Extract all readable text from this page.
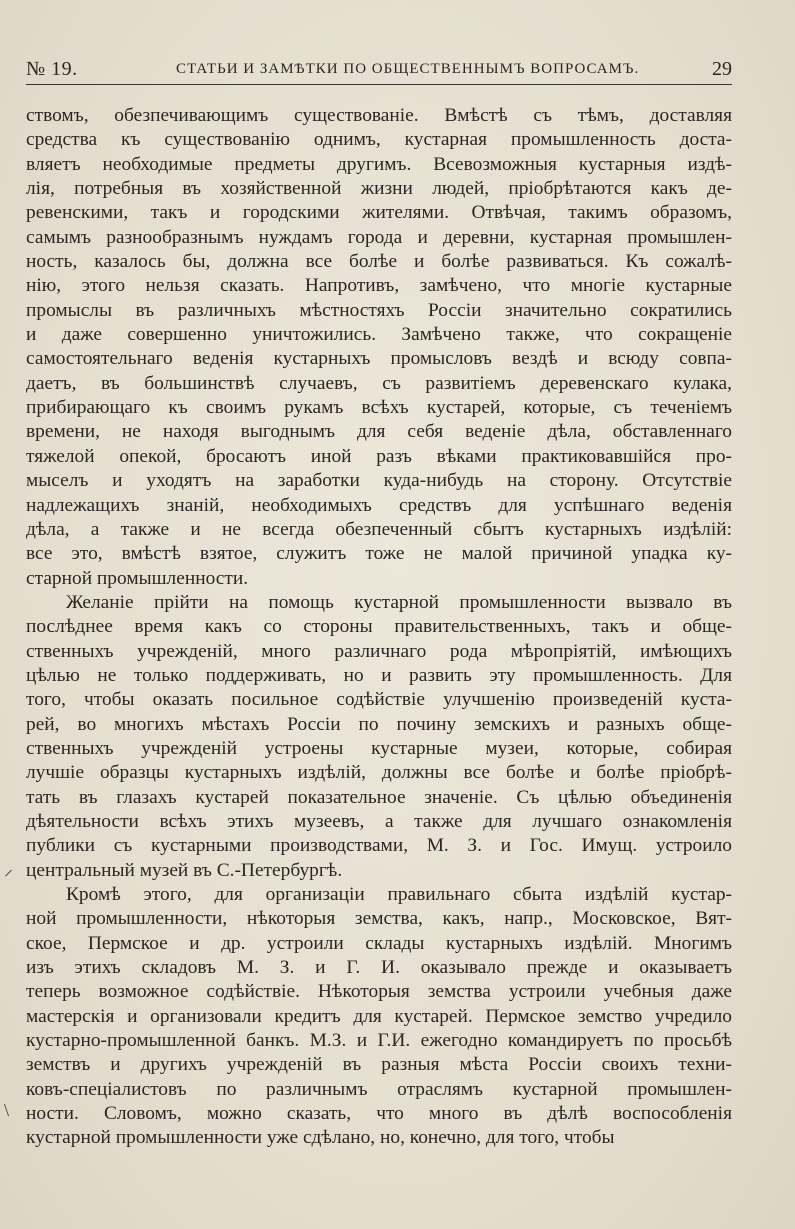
№ 19.	СТАТЬИ И ЗАМѢТКИ ПО ОБЩЕСТВЕННЫМЪ ВОПРОСАМЪ.	29
ствомъ, обезпечивающимъ существованіе. Вмѣстѣ съ тѣмъ, доставляя
средства къ существованію однимъ, кустарная промышленность доста-
вляетъ необходимые предметы другимъ. Всевозможныя кустарныя издѣ-
лія, потребныя въ хозяйственной жизни людей, пріобрѣтаются какъ де-
ревенскими, такъ и городскими жителями. Отвѣчая, такимъ образомъ,
самымъ разнообразнымъ нуждамъ города и деревни, кустарная промышлен-
ность, казалось бы, должна все болѣе и болѣе развиваться. Къ сожалѣ-
нію, этого нельзя сказать. Напротивъ, замѣчено, что многіе кустарные
промыслы въ различныхъ мѣстностяхъ Россіи значительно сократились
и даже совершенно уничтожились. Замѣчено также, что сокращеніе
самостоятельнаго веденія кустарныхъ промысловъ вездѣ и всюду совпа-
даетъ, въ большинствѣ случаевъ, съ развитіемъ деревенскаго кулака,
прибирающаго къ своимъ рукамъ всѣхъ кустарей, которые, съ теченіемъ
времени, не находя выгоднымъ для себя веденіе дѣла, обставленнаго
тяжелой опекой, бросаютъ иной разъ вѣками практиковавшійся про-
мыселъ и уходятъ на заработки куда-нибудь на сторону. Отсутствіе
надлежащихъ знаній, необходимыхъ средствъ для успѣшнаго веденія
дѣла, а также и не всегда обезпеченный сбытъ кустарныхъ издѣлій:
все это, вмѣстѣ взятое, служитъ тоже не малой причиной упадка ку-
старной промышленности.
Желаніе прійти на помощь кустарной промышленности вызвало въ
послѣднее время какъ со стороны правительственныхъ, такъ и обще-
ственныхъ учрежденій, много различнаго рода мѣропріятій, имѣющихъ
цѣлью не только поддерживать, но и развить эту промышленность. Для
того, чтобы оказать посильное содѣйствіе улучшенію произведеній куста-
рей, во многихъ мѣстахъ Россіи по почину земскихъ и разныхъ обще-
ственныхъ учрежденій устроены кустарные музеи, которые, собирая
лучшіе образцы кустарныхъ издѣлій, должны все болѣе и болѣе пріобрѣ-
тать въ глазахъ кустарей показательное значеніе. Съ цѣлью объединенія
дѣятельности всѣхъ этихъ музеевъ, а также для лучшаго ознакомленія
публики съ кустарными производствами, М. З. и Гос. Имущ. устроило
центральный музей въ С.-Петербургѣ.
Кромѣ этого, для организаціи правильнаго сбыта издѣлій кустар-
ной промышленности, нѣкоторыя земства, какъ, напр., Московское, Вят-
ское, Пермское и др. устроили склады кустарныхъ издѣлій. Многимъ
изъ этихъ складовъ М. З. и Г. И. оказывало прежде и оказываетъ
теперь возможное содѣйствіе. Нѣкоторыя земства устроили учебныя даже
мастерскія и организовали кредитъ для кустарей. Пермское земство учредило
кустарно-промышленной банкъ. М.З. и Г.И. ежегодно командируетъ по просьбѣ
земствъ и другихъ учрежденій въ разныя мѣста Россіи своихъ техни-
ковъ-спеціалистовъ по различнымъ отраслямъ кустарной промышлен-
ности. Словомъ, можно сказать, что много въ дѣлѣ воспособленія
кустарной промышленности уже сдѣлано, но, конечно, для того, чтобы
⸝
\
